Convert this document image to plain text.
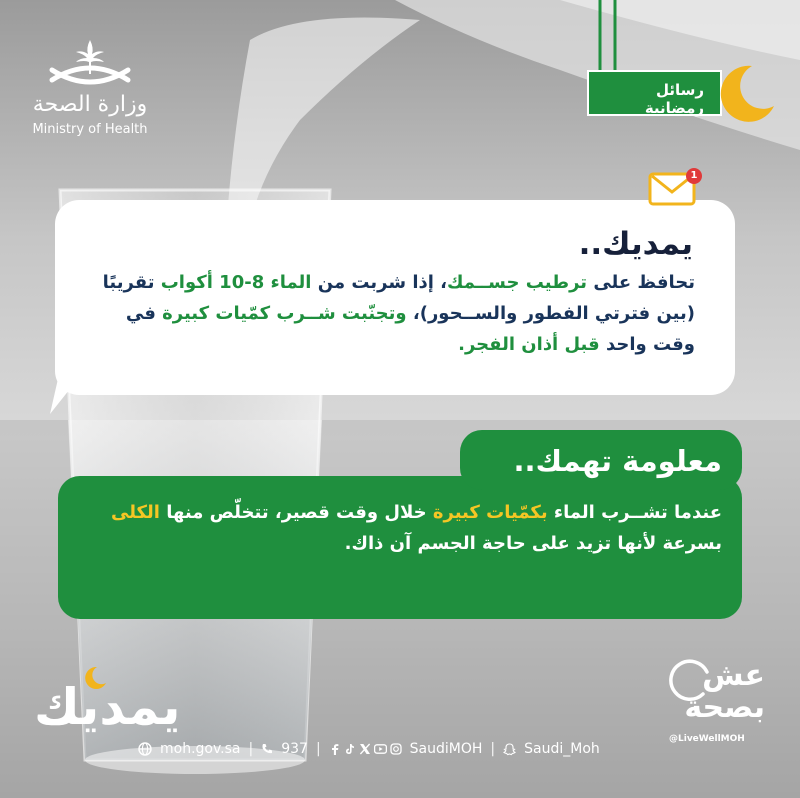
وزارة الصحة
Ministry of Health
رسائل رمضانية
يمديك..
تحافظ على ترطيب جســمك، إذا شربت من الماء 8-10 أكواب تقريبًا (بين فترتي الفطور والســحور)، وتجنّبت شــرب كمّيات كبيرة في وقت واحد قبل أذان الفجر.
1
معلومة تهمك..
عندما تشــرب الماء بكمّيات كبيرة خلال وقت قصير، تتخلّص منها الكلى بسرعة لأنها تزيد على حاجة الجسم آن ذاك.
يمديك
عش
بصحة
@LiveWellMOH
moh.gov.sa | 937 |	SaudiMOH | Saudi_Moh
